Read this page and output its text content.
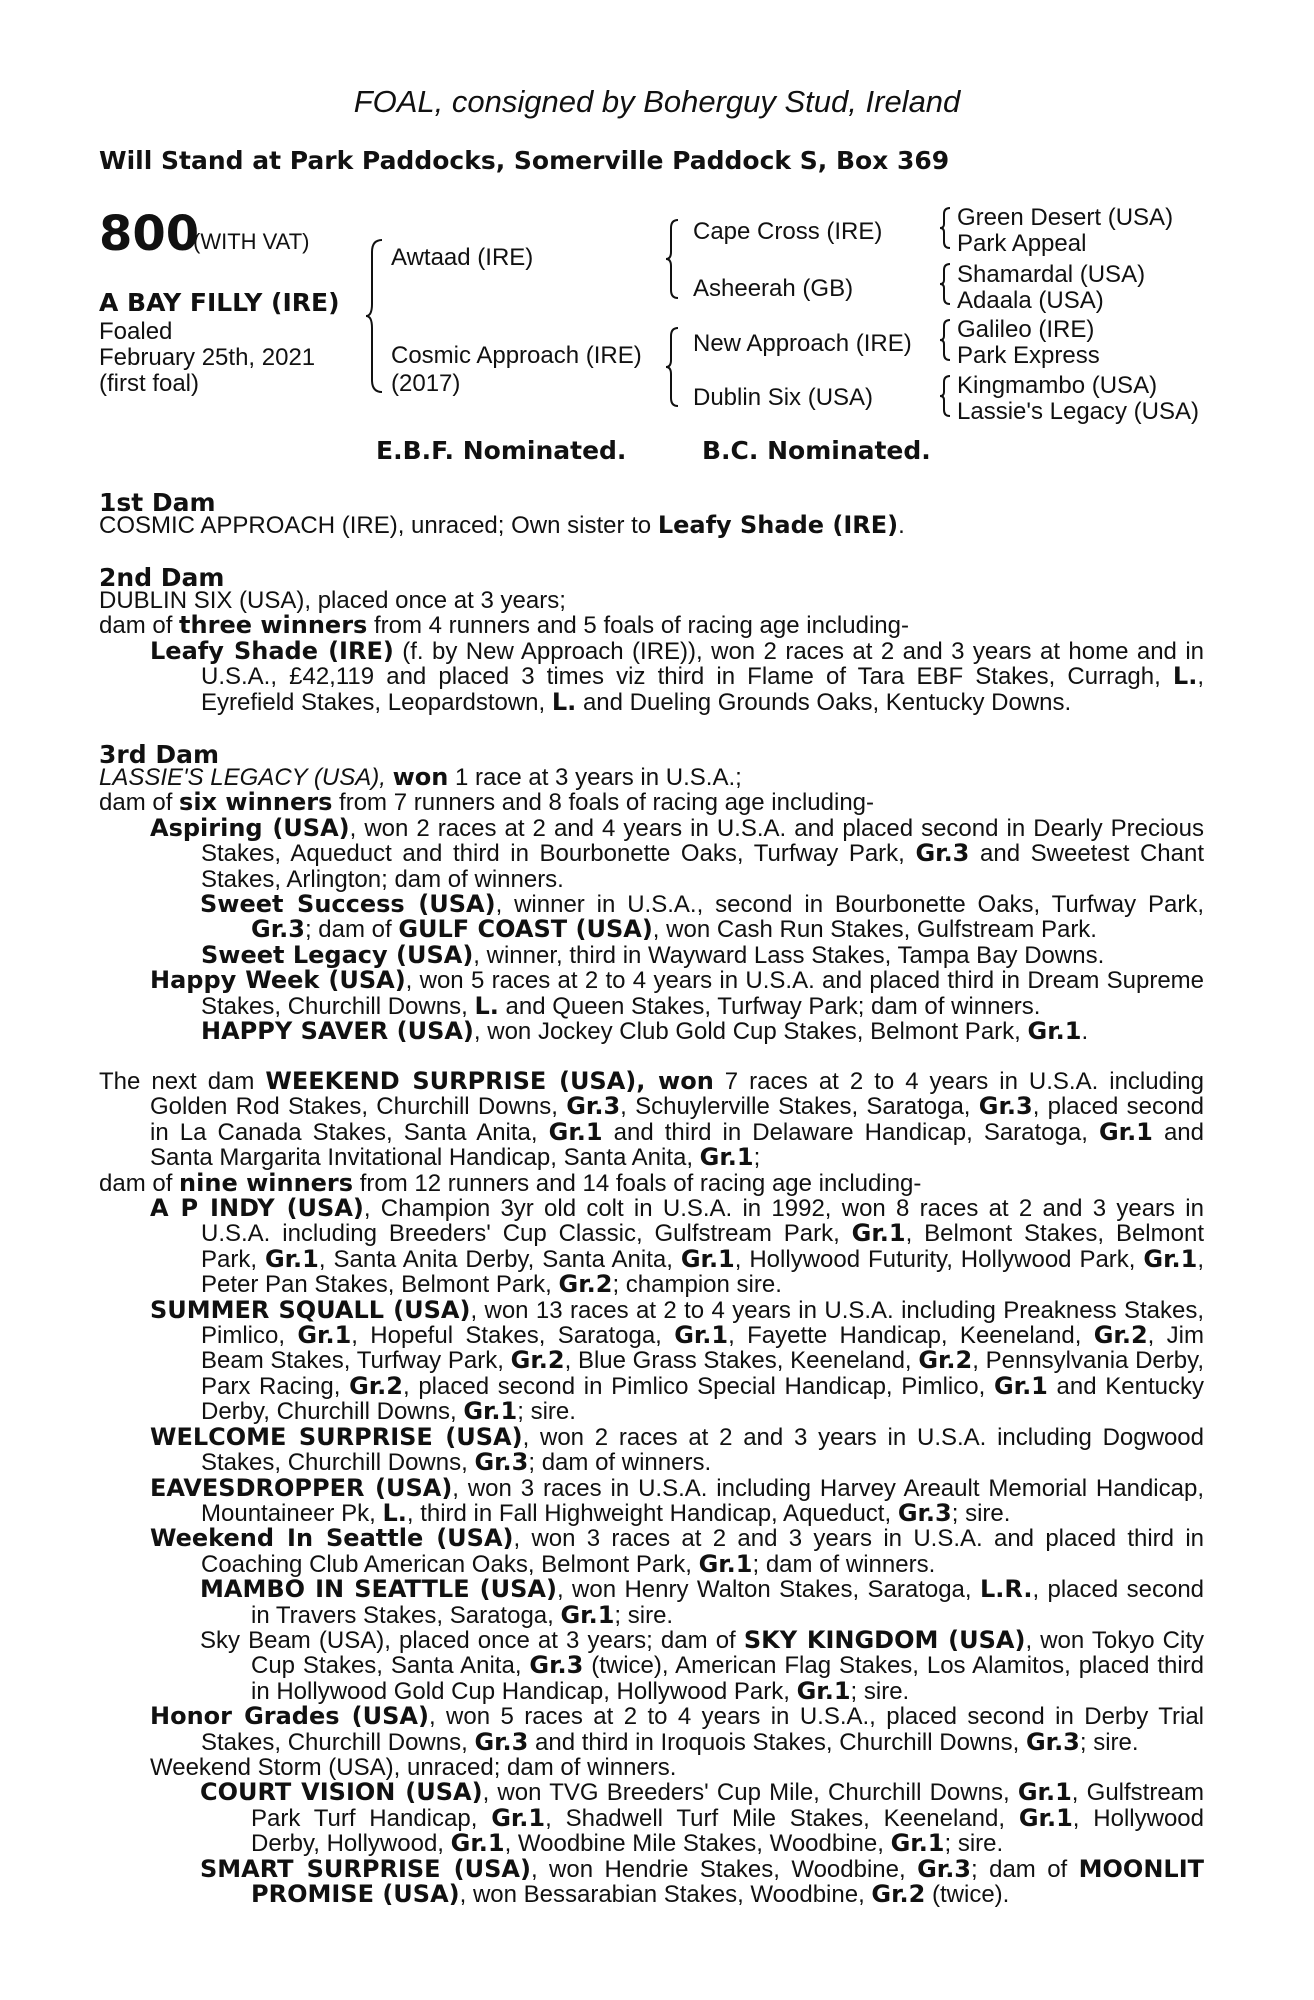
FOAL, consigned by Boherguy Stud, Ireland
Will Stand at Park Paddocks, Somerville Paddock S, Box 369
800
(WITH VAT)
A BAY FILLY (IRE)
Foaled
February 25th, 2021
(first foal)
Awtaad (IRE)
Cosmic Approach (IRE)
(2017)
Cape Cross (IRE)
Asheerah (GB)
New Approach (IRE)
Dublin Six (USA)
Green Desert (USA)
Park Appeal
Shamardal (USA)
Adaala (USA)
Galileo (IRE)
Park Express
Kingmambo (USA)
Lassie's Legacy (USA)
E.B.F. Nominated.	B.C. Nominated.
1st Dam

COSMIC APPROACH (IRE), unraced; Own sister to Leafy Shade (IRE).

2nd Dam

DUBLIN SIX (USA), placed once at 3 years;

dam of three winners from 4 runners and 5 foals of racing age including-

Leafy Shade (IRE) (f. by New Approach (IRE)), won 2 races at 2 and 3 years at home and in U.S.A., £42,119 and placed 3 times viz third in Flame of Tara EBF Stakes, Curragh, L., Eyrefield Stakes, Leopardstown, L. and Dueling Grounds Oaks, Kentucky Downs.

3rd Dam

LASSIE'S LEGACY (USA), won 1 race at 3 years in U.S.A.;

dam of six winners from 7 runners and 8 foals of racing age including-

Aspiring (USA), won 2 races at 2 and 4 years in U.S.A. and placed second in Dearly Precious Stakes, Aqueduct and third in Bourbonette Oaks, Turfway Park, Gr.3 and Sweetest Chant Stakes, Arlington; dam of winners.

Sweet Success (USA), winner in U.S.A., second in Bourbonette Oaks, Turfway Park, Gr.3; dam of GULF COAST (USA), won Cash Run Stakes, Gulfstream Park.

Sweet Legacy (USA), winner, third in Wayward Lass Stakes, Tampa Bay Downs.

Happy Week (USA), won 5 races at 2 to 4 years in U.S.A. and placed third in Dream Supreme Stakes, Churchill Downs, L. and Queen Stakes, Turfway Park; dam of winners.

HAPPY SAVER (USA), won Jockey Club Gold Cup Stakes, Belmont Park, Gr.1.

The next dam WEEKEND SURPRISE (USA), won 7 races at 2 to 4 years in U.S.A. including Golden Rod Stakes, Churchill Downs, Gr.3, Schuylerville Stakes, Saratoga, Gr.3, placed second in La Canada Stakes, Santa Anita, Gr.1 and third in Delaware Handicap, Saratoga, Gr.1 and Santa Margarita Invitational Handicap, Santa Anita, Gr.1;

dam of nine winners from 12 runners and 14 foals of racing age including-

A P INDY (USA), Champion 3yr old colt in U.S.A. in 1992, won 8 races at 2 and 3 years in U.S.A. including Breeders' Cup Classic, Gulfstream Park, Gr.1, Belmont Stakes, Belmont Park, Gr.1, Santa Anita Derby, Santa Anita, Gr.1, Hollywood Futurity, Hollywood Park, Gr.1, Peter Pan Stakes, Belmont Park, Gr.2; champion sire.

SUMMER SQUALL (USA), won 13 races at 2 to 4 years in U.S.A. including Preakness Stakes, Pimlico, Gr.1, Hopeful Stakes, Saratoga, Gr.1, Fayette Handicap, Keeneland, Gr.2, Jim Beam Stakes, Turfway Park, Gr.2, Blue Grass Stakes, Keeneland, Gr.2, Pennsylvania Derby, Parx Racing, Gr.2, placed second in Pimlico Special Handicap, Pimlico, Gr.1 and Kentucky Derby, Churchill Downs, Gr.1; sire.

WELCOME SURPRISE (USA), won 2 races at 2 and 3 years in U.S.A. including Dogwood Stakes, Churchill Downs, Gr.3; dam of winners.

EAVESDROPPER (USA), won 3 races in U.S.A. including Harvey Areault Memorial Handicap, Mountaineer Pk, L., third in Fall Highweight Handicap, Aqueduct, Gr.3; sire.

Weekend In Seattle (USA), won 3 races at 2 and 3 years in U.S.A. and placed third in Coaching Club American Oaks, Belmont Park, Gr.1; dam of winners.

MAMBO IN SEATTLE (USA), won Henry Walton Stakes, Saratoga, L.R., placed second in Travers Stakes, Saratoga, Gr.1; sire.

Sky Beam (USA), placed once at 3 years; dam of SKY KINGDOM (USA), won Tokyo City Cup Stakes, Santa Anita, Gr.3 (twice), American Flag Stakes, Los Alamitos, placed third in Hollywood Gold Cup Handicap, Hollywood Park, Gr.1; sire.

Honor Grades (USA), won 5 races at 2 to 4 years in U.S.A., placed second in Derby Trial Stakes, Churchill Downs, Gr.3 and third in Iroquois Stakes, Churchill Downs, Gr.3; sire.

Weekend Storm (USA), unraced; dam of winners.

COURT VISION (USA), won TVG Breeders' Cup Mile, Churchill Downs, Gr.1, Gulfstream Park Turf Handicap, Gr.1, Shadwell Turf Mile Stakes, Keeneland, Gr.1, Hollywood Derby, Hollywood, Gr.1, Woodbine Mile Stakes, Woodbine, Gr.1; sire.

SMART SURPRISE (USA), won Hendrie Stakes, Woodbine, Gr.3; dam of MOONLIT PROMISE (USA), won Bessarabian Stakes, Woodbine, Gr.2 (twice).
